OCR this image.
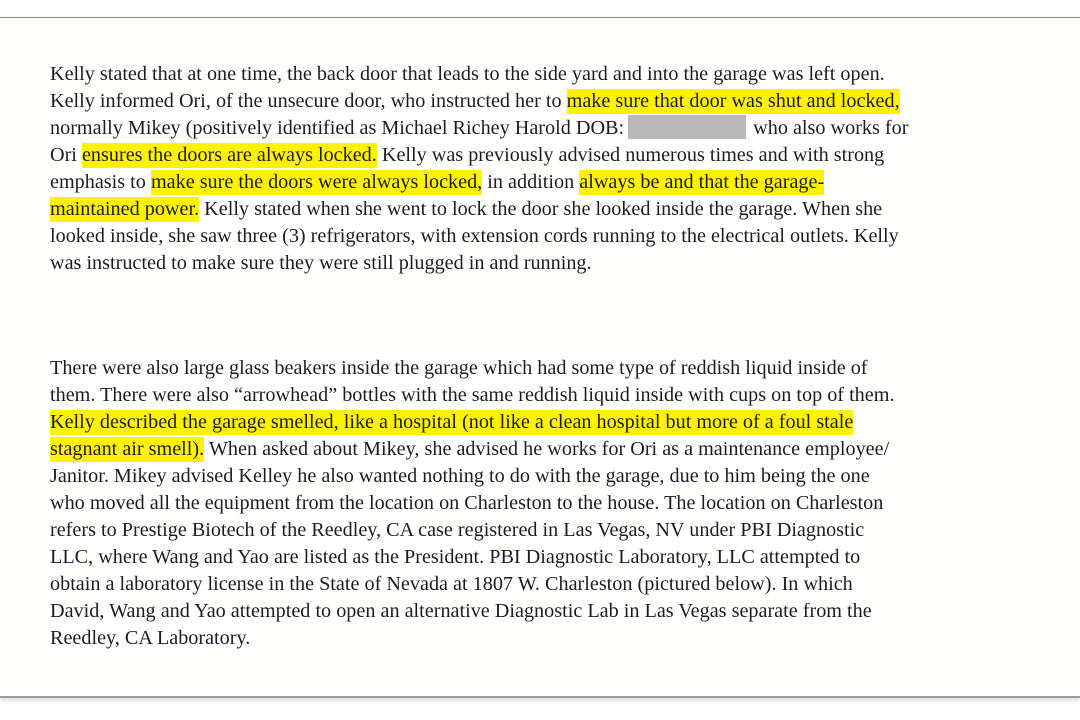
Kelly stated that at one time, the back door that leads to the side yard and into the garage was left open.
Kelly informed Ori, of the unsecure door, who instructed her to make sure that door was shut and locked,
normally Mikey (positively identified as Michael Richey Harold DOB:	who also works for
Ori ensures the doors are always locked. Kelly was previously advised numerous times and with strong
emphasis to make sure the doors were always locked, in addition always be and that the garage-
maintained power. Kelly stated when she went to lock the door she looked inside the garage. When she
looked inside, she saw three (3) refrigerators, with extension cords running to the electrical outlets. Kelly
was instructed to make sure they were still plugged in and running.
There were also large glass beakers inside the garage which had some type of reddish liquid inside of
them. There were also “arrowhead” bottles with the same reddish liquid inside with cups on top of them.
Kelly described the garage smelled, like a hospital (not like a clean hospital but more of a foul stale
stagnant air smell). When asked about Mikey, she advised he works for Ori as a maintenance employee/
Janitor. Mikey advised Kelley he also wanted nothing to do with the garage, due to him being the one
who moved all the equipment from the location on Charleston to the house. The location on Charleston
refers to Prestige Biotech of the Reedley, CA case registered in Las Vegas, NV under PBI Diagnostic
LLC, where Wang and Yao are listed as the President. PBI Diagnostic Laboratory, LLC attempted to
obtain a laboratory license in the State of Nevada at 1807 W. Charleston (pictured below). In which
David, Wang and Yao attempted to open an alternative Diagnostic Lab in Las Vegas separate from the
Reedley, CA Laboratory.
